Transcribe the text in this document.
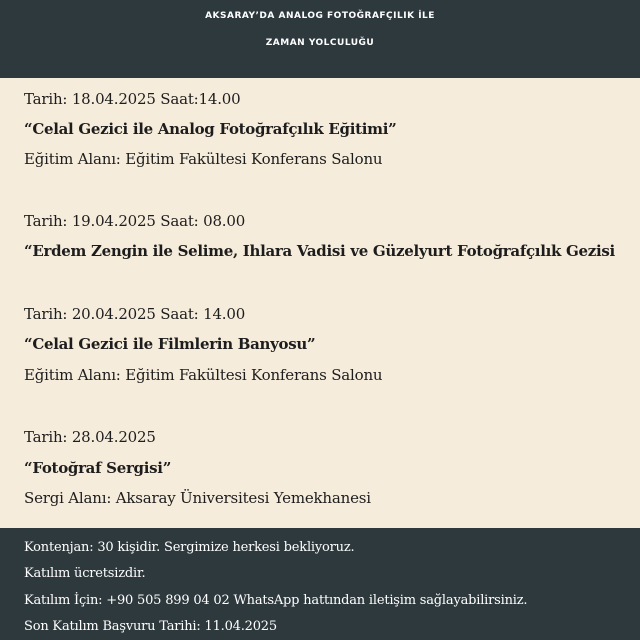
AKSARAY’DA ANALOG FOTOĞRAFÇILIK İLE
ZAMAN YOLCULUĞU
Tarih: 18.04.2025 Saat:14.00
“Celal Gezici ile Analog Fotoğrafçılık Eğitimi”
Eğitim Alanı: Eğitim Fakültesi Konferans Salonu
Tarih: 19.04.2025 Saat: 08.00
“Erdem Zengin ile Selime, Ihlara Vadisi ve Güzelyurt Fotoğrafçılık Gezisi
Tarih: 20.04.2025 Saat: 14.00
“Celal Gezici ile Filmlerin Banyosu”
Eğitim Alanı: Eğitim Fakültesi Konferans Salonu
Tarih: 28.04.2025
“Fotoğraf Sergisi”
Sergi Alanı: Aksaray Üniversitesi Yemekhanesi
Kontenjan: 30 kişidir. Sergimize herkesi bekliyoruz.
Katılım ücretsizdir.
Katılım İçin: +90 505 899 04 02 WhatsApp hattından iletişim sağlayabilirsiniz.
Son Katılım Başvuru Tarihi: 11.04.2025
